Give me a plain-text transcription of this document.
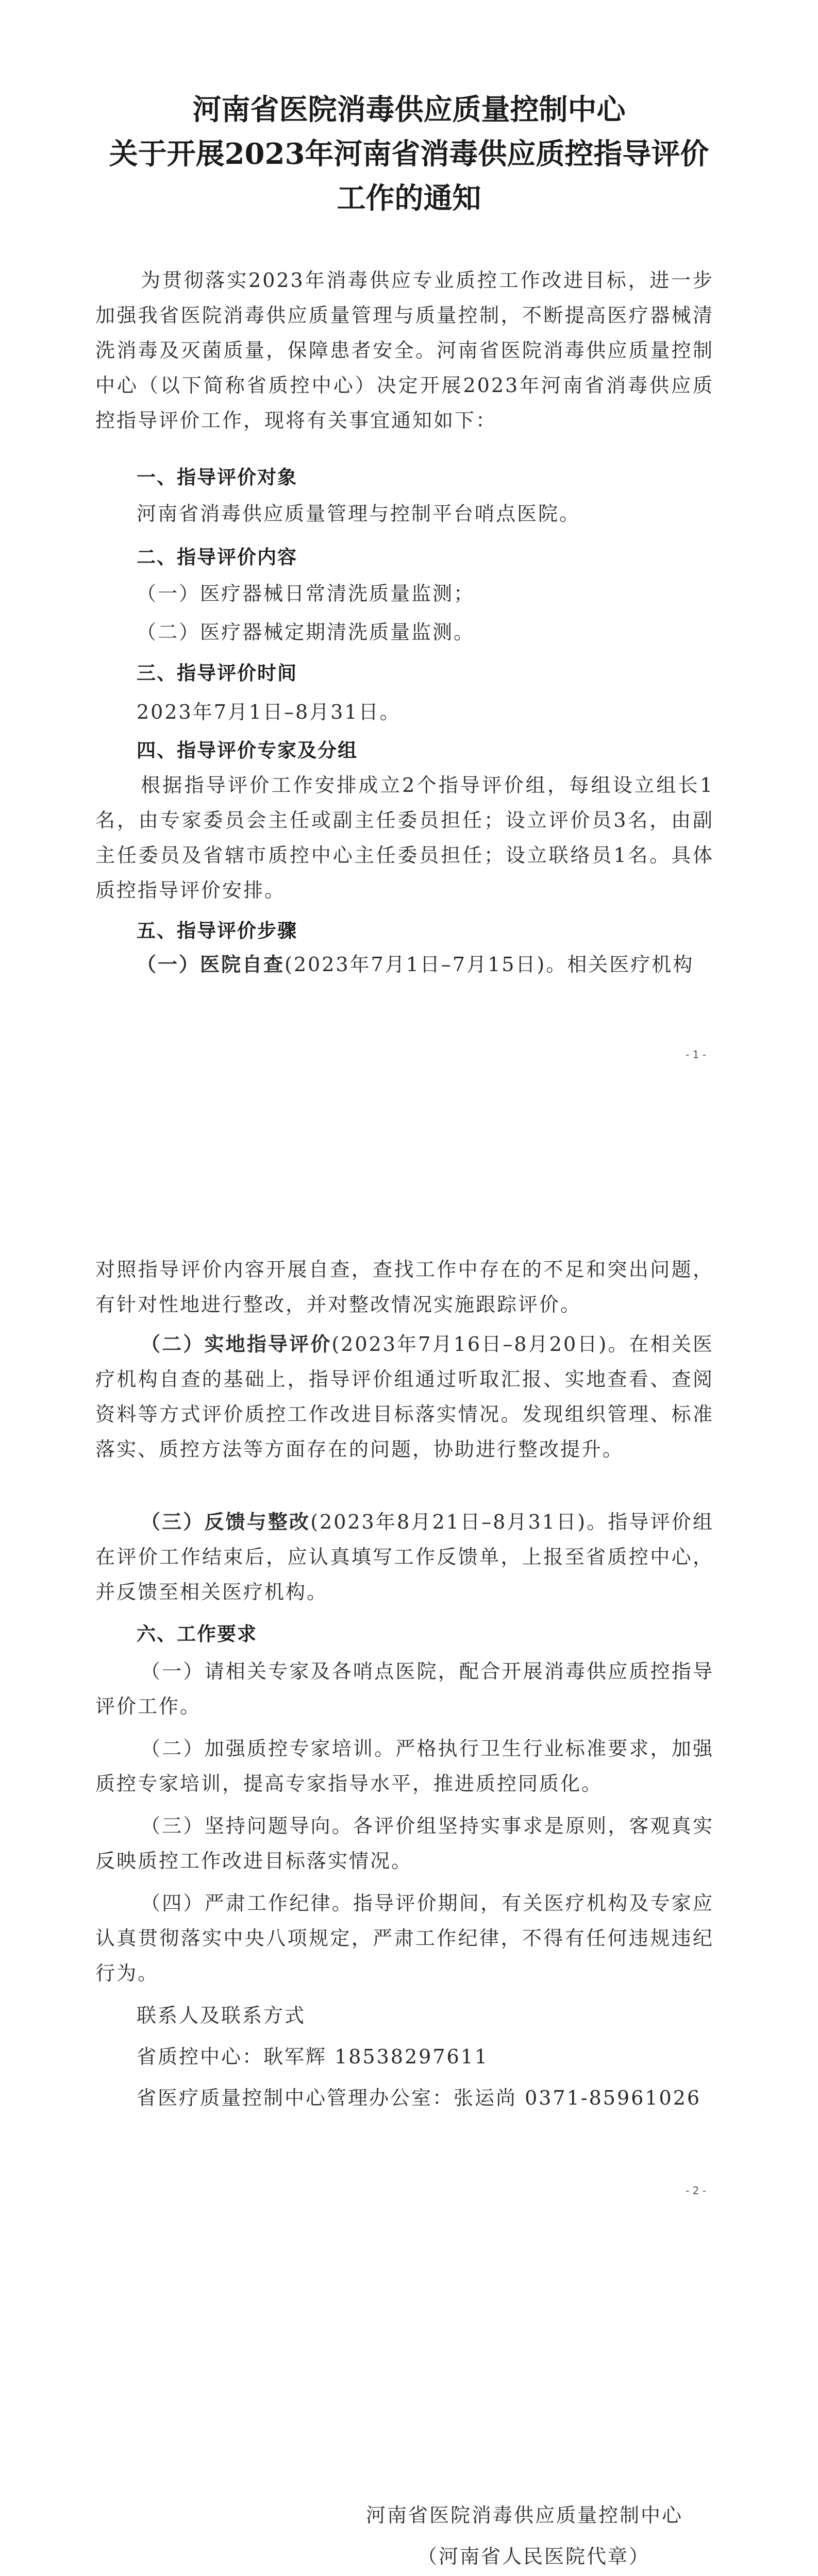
河南省医院消毒供应质量控制中心
关于开展2023年河南省消毒供应质控指导评价
工作的通知
为贯彻落实2023年消毒供应专业质控工作改进目标，进一步加强我省医院消毒供应质量管理与质量控制，不断提高医疗器械清洗消毒及灭菌质量，保障患者安全。河南省医院消毒供应质量控制中心（以下简称省质控中心）决定开展2023年河南省消毒供应质控指导评价工作，现将有关事宜通知如下：
一、指导评价对象
河南省消毒供应质量管理与控制平台哨点医院。
二、指导评价内容
（一）医疗器械日常清洗质量监测；
（二）医疗器械定期清洗质量监测。
三、指导评价时间
2023年7月1日–8月31日。
四、指导评价专家及分组
根据指导评价工作安排成立2个指导评价组，每组设立组长1名，由专家委员会主任或副主任委员担任；设立评价员3名，由副主任委员及省辖市质控中心主任委员担任；设立联络员1名。具体质控指导评价安排。
五、指导评价步骤
（一）医院自查(2023年7月1日–7月15日)。相关医疗机构
- 1 -
对照指导评价内容开展自查，查找工作中存在的不足和突出问题，有针对性地进行整改，并对整改情况实施跟踪评价。
（二）实地指导评价(2023年7月16日–8月20日)。在相关医疗机构自查的基础上，指导评价组通过听取汇报、实地查看、查阅资料等方式评价质控工作改进目标落实情况。发现组织管理、标准落实、质控方法等方面存在的问题，协助进行整改提升。
（三）反馈与整改(2023年8月21日–8月31日)。指导评价组在评价工作结束后，应认真填写工作反馈单，上报至省质控中心，并反馈至相关医疗机构。
六、工作要求
（一）请相关专家及各哨点医院，配合开展消毒供应质控指导评价工作。
（二）加强质控专家培训。严格执行卫生行业标准要求，加强质控专家培训，提高专家指导水平，推进质控同质化。
（三）坚持问题导向。各评价组坚持实事求是原则，客观真实反映质控工作改进目标落实情况。
（四）严肃工作纪律。指导评价期间，有关医疗机构及专家应认真贯彻落实中央八项规定，严肃工作纪律，不得有任何违规违纪行为。
联系人及联系方式
省质控中心：耿军辉 18538297611
省医疗质量控制中心管理办公室：张运尚 0371-85961026
- 2 -
河南省医院消毒供应质量控制中心
（河南省人民医院代章）
